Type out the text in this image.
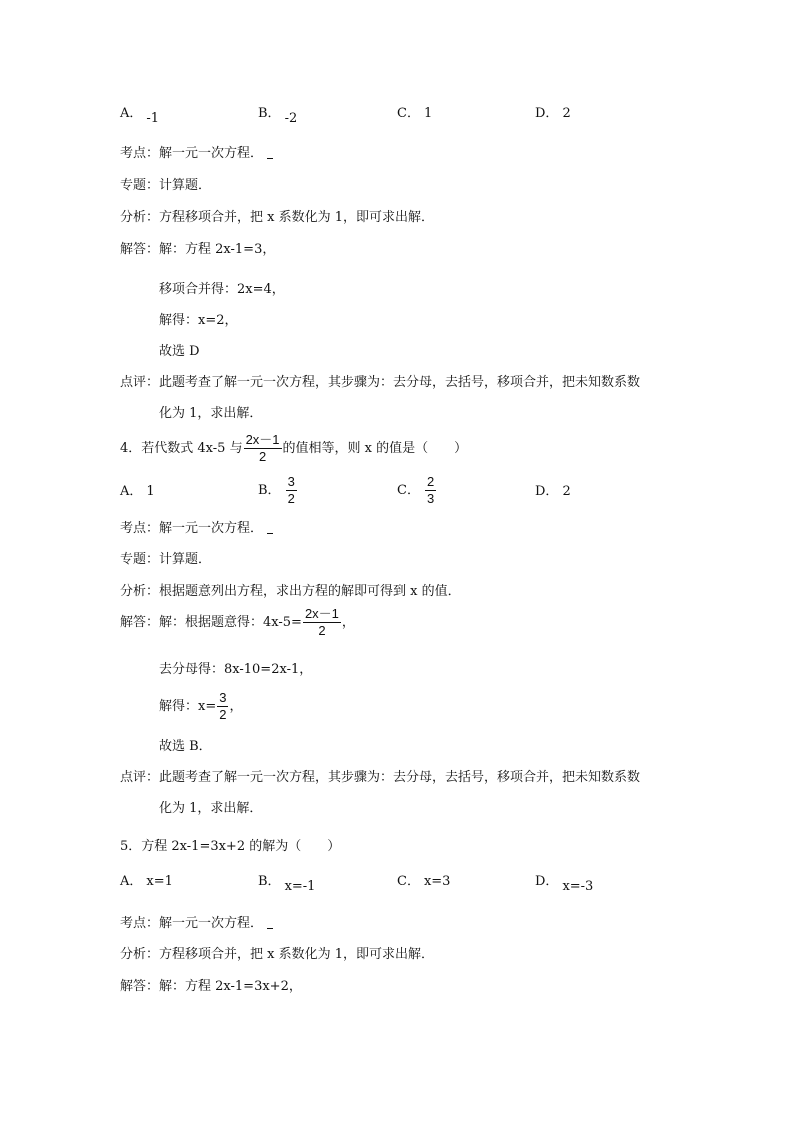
A． -1	B． -2	C． 1	D． 2
考点：解一元一次方程．
专题：计算题．
分析：方程移项合并，把 x 系数化为 1，即可求出解．
解答：解：方程 2x-1=3，
移项合并得：2x=4，
解得：x=2，
故选 D
点评：此题考查了解一元一次方程，其步骤为：去分母，去括号，移项合并，把未知数系数
化为 1，求出解．
4．若代数式 4x-5 与 $\frac{2x-1}{2}$ 的值相等，则 x 的值是（　　）
A． 1	B． $\frac{3}{2}$	C． $\frac{2}{3}$	D． 2
考点：解一元一次方程．
专题：计算题．
分析：根据题意列出方程，求出方程的解即可得到 x 的值．
解答：解：根据题意得：$4x-5= \frac{2x-1}{2}$ ，
去分母得：8x-10=2x-1，
解得：$x= \frac{3}{2}$ ，
故选 B．
点评：此题考查了解一元一次方程，其步骤为：去分母，去括号，移项合并，把未知数系数
化为 1，求出解．
5．方程 2x-1=3x+2 的解为（　　）
A． x=1	B． x=-1	C． x=3	D． x=-3
考点：解一元一次方程．
分析：方程移项合并，把 x 系数化为 1，即可求出解．
解答：解：方程 2x-1=3x+2，
